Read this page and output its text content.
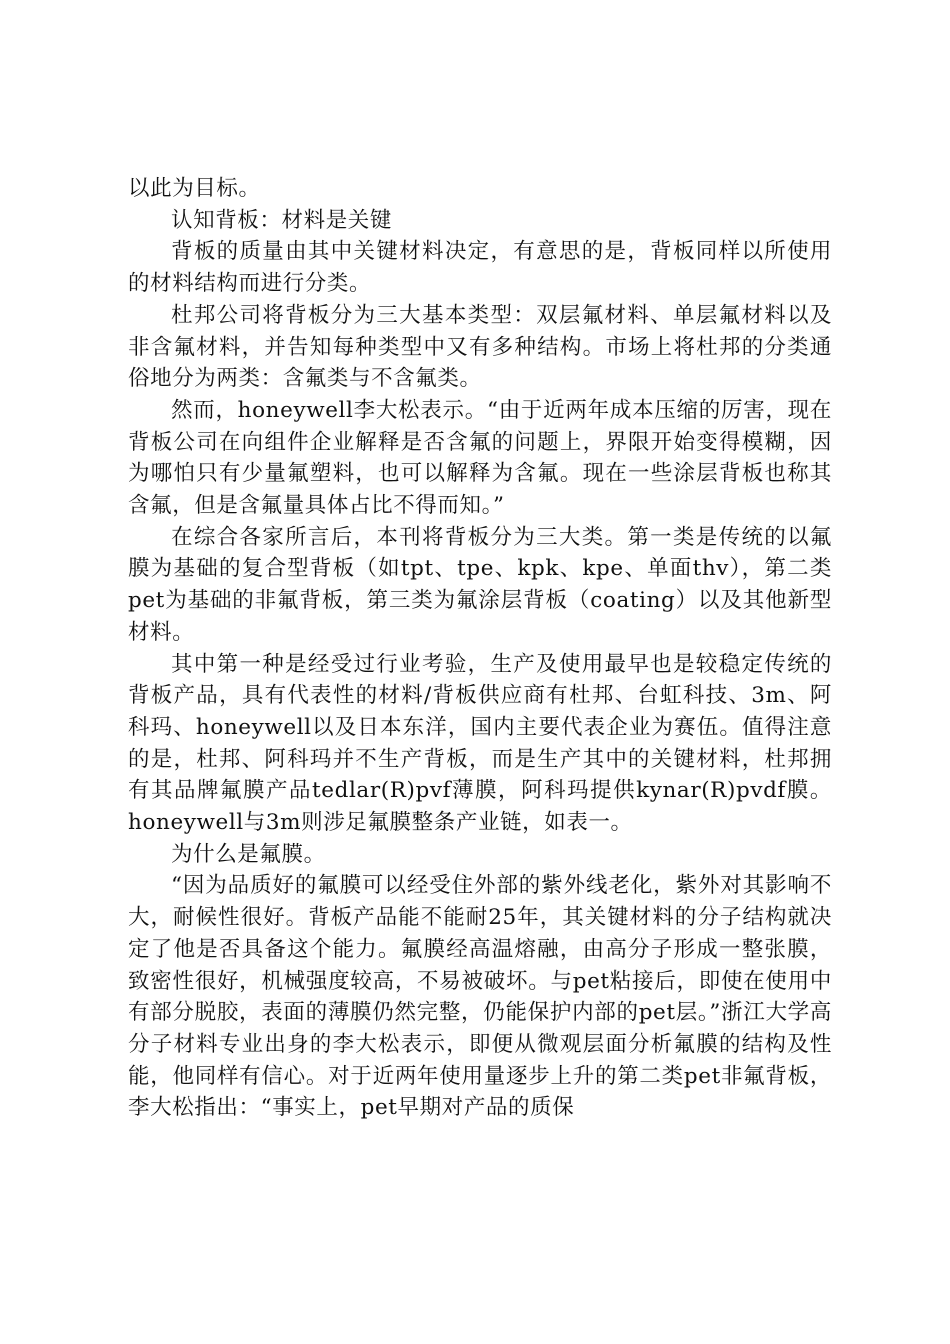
以此为目标。

认知背板：材料是关键

背板的质量由其中关键材料决定，有意思的是，背板同样以所使用的材料结构而进行分类。

杜邦公司将背板分为三大基本类型：双层氟材料、单层氟材料以及非含氟材料，并告知每种类型中又有多种结构。市场上将杜邦的分类通俗地分为两类：含氟类与不含氟类。

然而，honeywell李大松表示。“由于近两年成本压缩的厉害，现在背板公司在向组件企业解释是否含氟的问题上，界限开始变得模糊，因为哪怕只有少量氟塑料，也可以解释为含氟。现在一些涂层背板也称其含氟，但是含氟量具体占比不得而知。”

在综合各家所言后，本刊将背板分为三大类。第一类是传统的以氟膜为基础的复合型背板（如tpt、tpe、kpk、kpe、单面thv），第二类pet为基础的非氟背板，第三类为氟涂层背板（coating）以及其他新型材料。

其中第一种是经受过行业考验，生产及使用最早也是较稳定传统的背板产品，具有代表性的材料/背板供应商有杜邦、台虹科技、3m、阿科玛、honeywell以及日本东洋，国内主要代表企业为赛伍。值得注意的是，杜邦、阿科玛并不生产背板，而是生产其中的关键材料，杜邦拥有其品牌氟膜产品tedlar(R)pvf薄膜，阿科玛提供kynar(R)pvdf膜。honeywell与3m则涉足氟膜整条产业链，如表一。

为什么是氟膜。

“因为品质好的氟膜可以经受住外部的紫外线老化，紫外对其影响不大，耐候性很好。背板产品能不能耐25年，其关键材料的分子结构就决定了他是否具备这个能力。氟膜经高温熔融，由高分子形成一整张膜，致密性很好，机械强度较高，不易被破坏。与pet粘接后，即使在使用中有部分脱胶，表面的薄膜仍然完整，仍能保护内部的pet层。”浙江大学高分子材料专业出身的李大松表示，即便从微观层面分析氟膜的结构及性能，他同样有信心。对于近两年使用量逐步上升的第二类pet非氟背板，李大松指出：“事实上，pet早期对产品的质保
